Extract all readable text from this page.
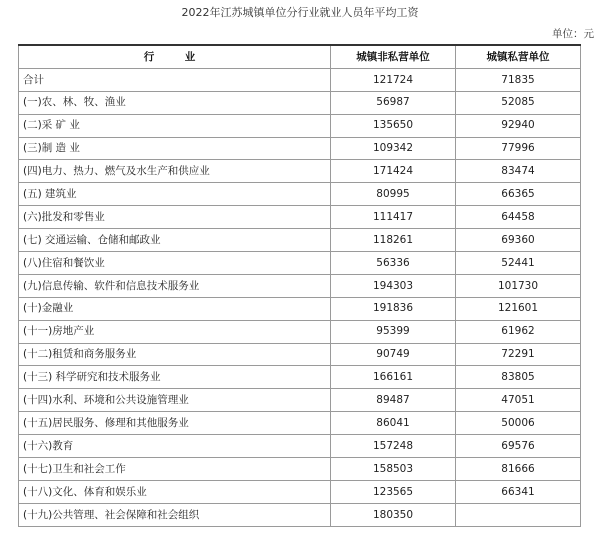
2022年江苏城镇单位分行业就业人员年平均工资
单位：元
行　业	城镇非私营单位	城镇私营单位
合计	121724	71835
(一)农、林、牧、渔业	56987	52085
(二)采 矿 业	135650	92940
(三)制 造 业	109342	77996
(四)电力、热力、燃气及水生产和供应业	171424	83474
(五) 建筑业	80995	66365
(六)批发和零售业	111417	64458
(七) 交通运输、仓储和邮政业	118261	69360
(八)住宿和餐饮业	56336	52441
(九)信息传输、软件和信息技术服务业	194303	101730
(十)金融业	191836	121601
(十一)房地产业	95399	61962
(十二)租赁和商务服务业	90749	72291
(十三) 科学研究和技术服务业	166161	83805
(十四)水利、环境和公共设施管理业	89487	47051
(十五)居民服务、修理和其他服务业	86041	50006
(十六)教育	157248	69576
(十七)卫生和社会工作	158503	81666
(十八)文化、体育和娱乐业	123565	66341
(十九)公共管理、社会保障和社会组织	180350	
